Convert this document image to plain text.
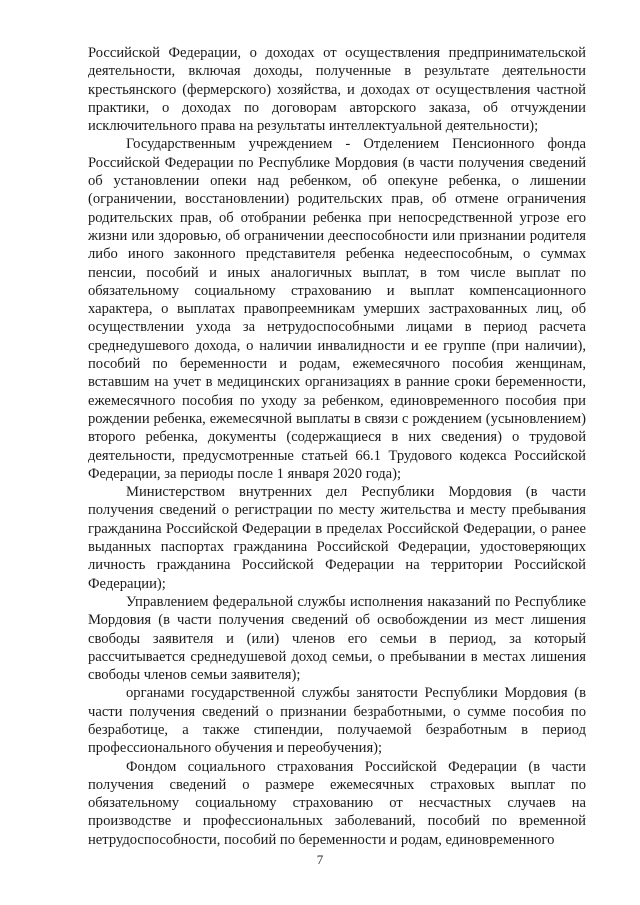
Российской Федерации, о доходах от осуществления предпринимательской деятельности, включая доходы, полученные в результате деятельности крестьянского (фермерского) хозяйства, и доходах от осуществления частной практики, о доходах по договорам авторского заказа, об отчуждении исключительного права на результаты интеллектуальной деятельности);

Государственным учреждением - Отделением Пенсионного фонда Российской Федерации по Республике Мордовия (в части получения сведений об установлении опеки над ребенком, об опекуне ребенка, о лишении (ограничении, восстановлении) родительских прав, об отмене ограничения родительских прав, об отобрании ребенка при непосредственной угрозе его жизни или здоровью, об ограничении дееспособности или признании родителя либо иного законного представителя ребенка недееспособным, о суммах пенсии, пособий и иных аналогичных выплат, в том числе выплат по обязательному социальному страхованию и выплат компенсационного характера, о выплатах правопреемникам умерших застрахованных лиц, об осуществлении ухода за нетрудоспособными лицами в период расчета среднедушевого дохода, о наличии инвалидности и ее группе (при наличии), пособий по беременности и родам, ежемесячного пособия женщинам, вставшим на учет в медицинских организациях в ранние сроки беременности, ежемесячного пособия по уходу за ребенком, единовременного пособия при рождении ребенка, ежемесячной выплаты в связи с рождением (усыновлением) второго ребенка, документы (содержащиеся в них сведения) о трудовой деятельности, предусмотренные статьей 66.1 Трудового кодекса Российской Федерации, за периоды после 1 января 2020 года);

Министерством внутренних дел Республики Мордовия (в части получения сведений о регистрации по месту жительства и месту пребывания гражданина Российской Федерации в пределах Российской Федерации, о ранее выданных паспортах гражданина Российской Федерации, удостоверяющих личность гражданина Российской Федерации на территории Российской Федерации);

Управлением федеральной службы исполнения наказаний по Республике Мордовия (в части получения сведений об освобождении из мест лишения свободы заявителя и (или) членов его семьи в период, за который рассчитывается среднедушевой доход семьи, о пребывании в местах лишения свободы членов семьи заявителя);

органами государственной службы занятости Республики Мордовия (в части получения сведений о признании безработными, о сумме пособия по безработице, а также стипендии, получаемой безработным в период профессионального обучения и переобучения);

Фондом социального страхования Российской Федерации (в части получения сведений о размере ежемесячных страховых выплат по обязательному социальному страхованию от несчастных случаев на производстве и профессиональных заболеваний, пособий по временной нетрудоспособности, пособий по беременности и родам, единовременного

7
